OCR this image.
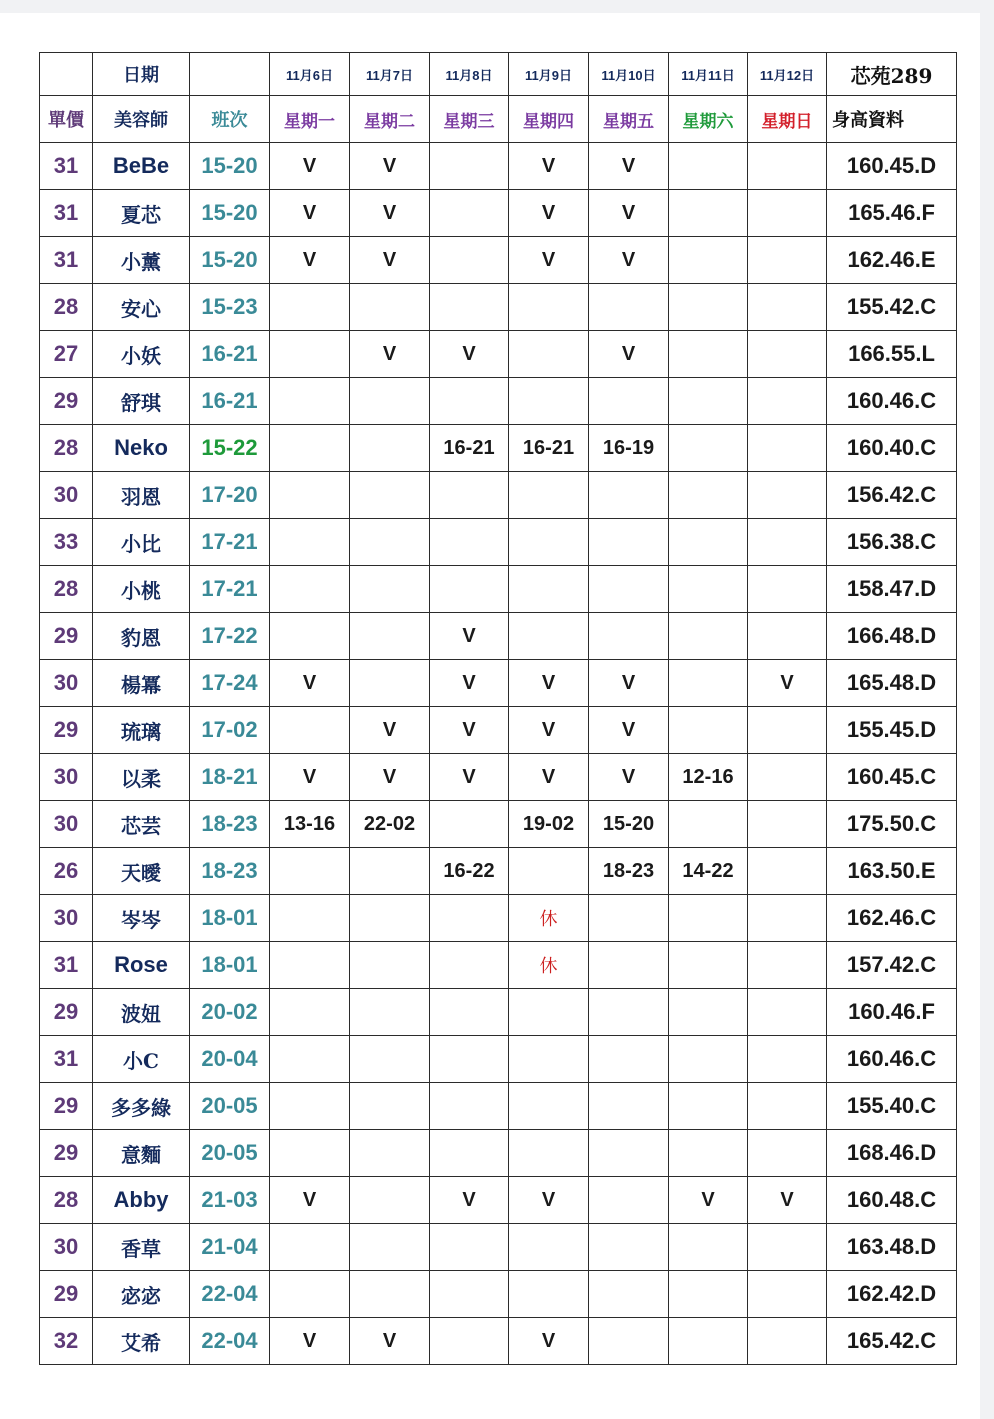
	日期		11月6日	11月7日	11月8日	11月9日	11月10日	11月11日	11月12日	芯苑289
單價	美容師	班次	星期一	星期二	星期三	星期四	星期五	星期六	星期日	身高資料
31	BeBe	15-20	V	V		V	V			160.45.D
31	夏芯	15-20	V	V		V	V			165.46.F
31	小薰	15-20	V	V		V	V			162.46.E
28	安心	15-23								155.42.C
27	小妖	16-21		V	V		V			166.55.L
29	舒琪	16-21								160.46.C
28	Neko	15-22			16-21	16-21	16-19			160.40.C
30	羽恩	17-20								156.42.C
33	小比	17-21								156.38.C
28	小桃	17-21								158.47.D
29	豹恩	17-22			V					166.48.D
30	楊冪	17-24	V		V	V	V		V	165.48.D
29	琉璃	17-02		V	V	V	V			155.45.D
30	以柔	18-21	V	V	V	V	V	12-16		160.45.C
30	芯芸	18-23	13-16	22-02		19-02	15-20			175.50.C
26	天曖	18-23			16-22		18-23	14-22		163.50.E
30	岑岑	18-01				休				162.46.C
31	Rose	18-01				休				157.42.C
29	波妞	20-02								160.46.F
31	小C	20-04								160.46.C
29	多多綠	20-05								155.40.C
29	意麵	20-05								168.46.D
28	Abby	21-03	V		V	V		V	V	160.48.C
30	香草	21-04								163.48.D
29	宓宓	22-04								162.42.D
32	艾希	22-04	V	V		V				165.42.C
